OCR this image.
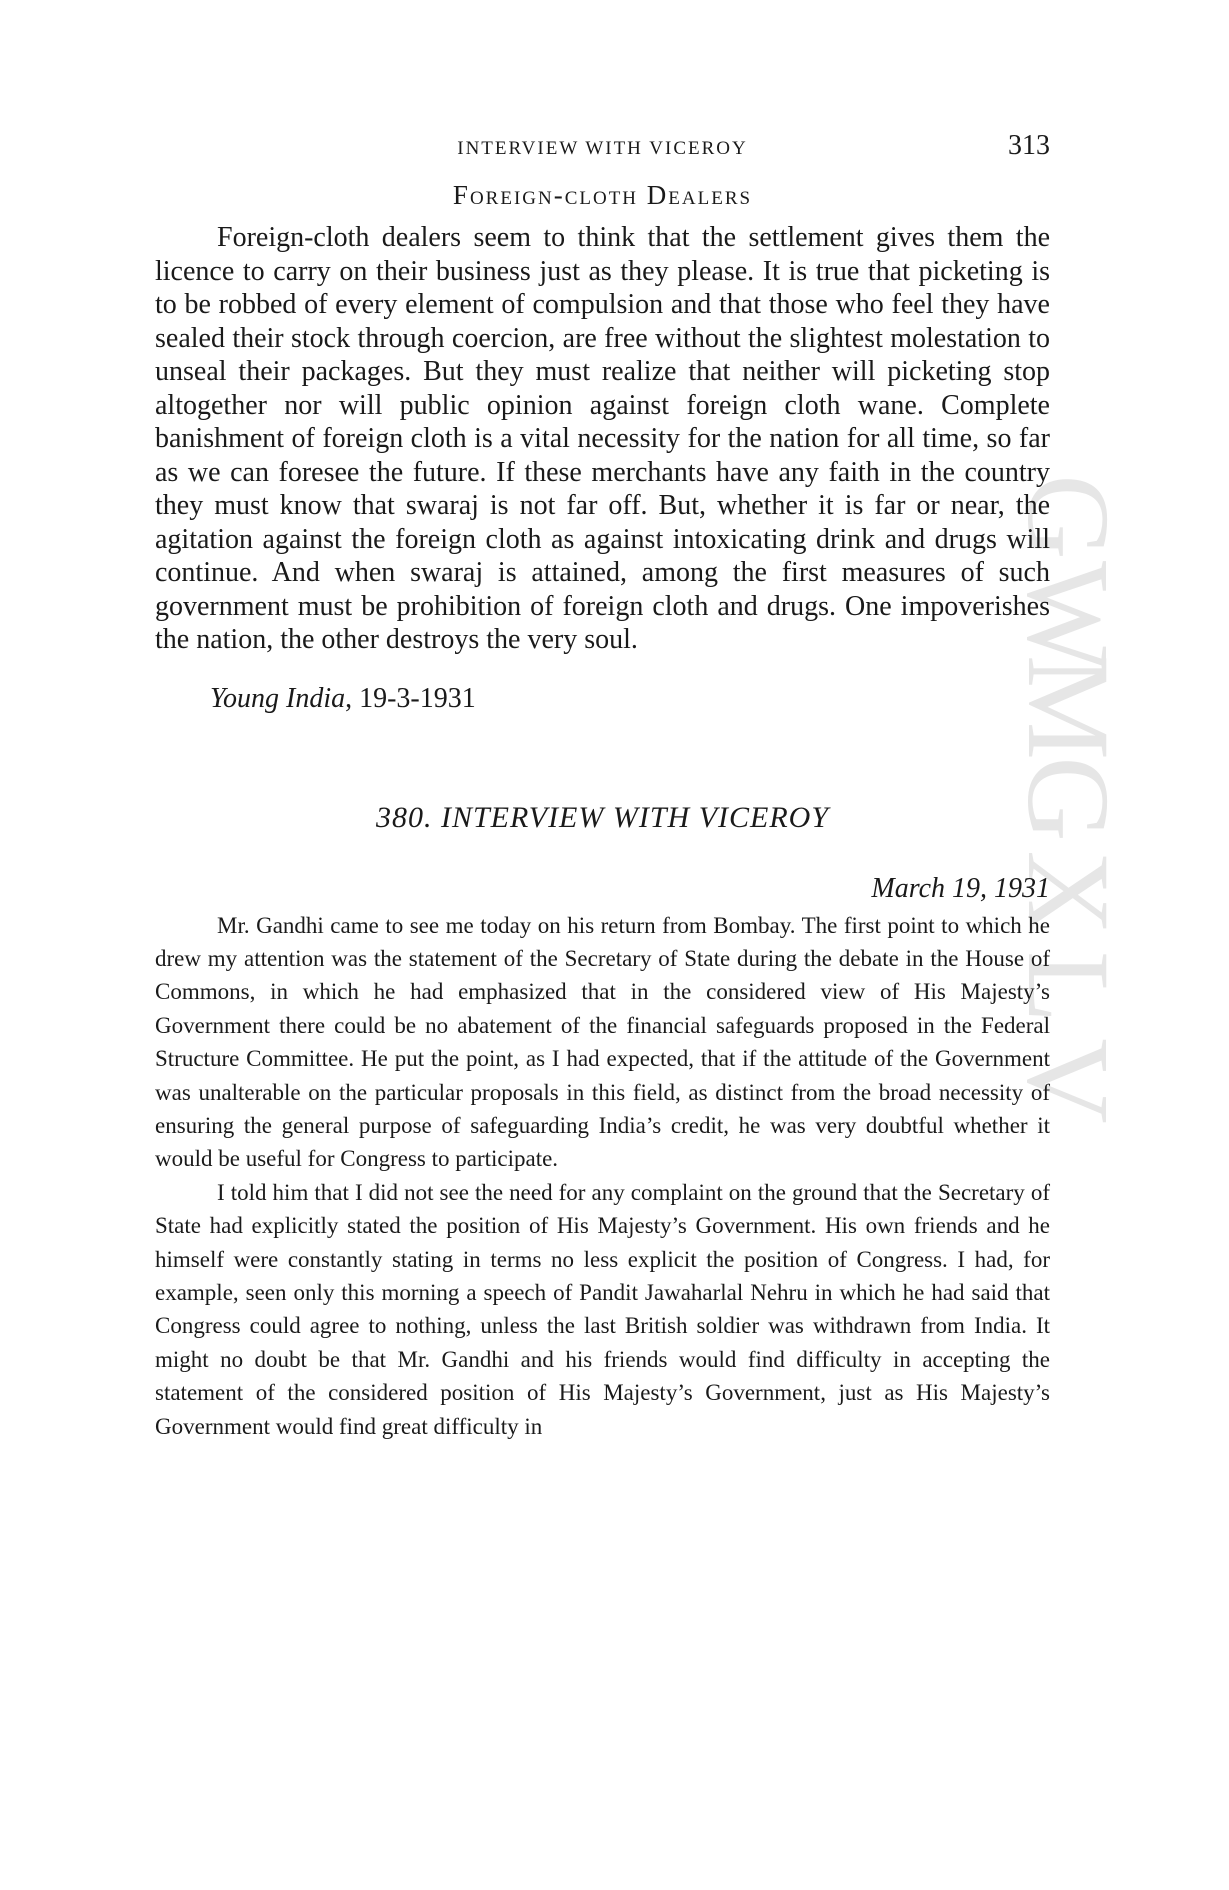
G
W
M
G
X
L
V
INTERVIEW WITH VICEROY	313
Foreign-cloth Dealers

Foreign-cloth dealers seem to think that the settlement gives them the licence to carry on their business just as they please. It is true that picketing is to be robbed of every element of compulsion and that those who feel they have sealed their stock through coercion, are free without the slightest molestation to unseal their packages. But they must realize that neither will picketing stop altogether nor will public opinion against foreign cloth wane. Complete banishment of foreign cloth is a vital necessity for the nation for all time, so far as we can foresee the future. If these merchants have any faith in the country they must know that swaraj is not far off. But, whether it is far or near, the agitation against the foreign cloth as against intoxicating drink and drugs will continue. And when swaraj is attained, among the first measures of such government must be prohibition of foreign cloth and drugs. One impoverishes the nation, the other destroys the very soul.

Young India, 19-3-1931
380. INTERVIEW WITH VICEROY
March 19, 1931

Mr. Gandhi came to see me today on his return from Bombay. The first point to which he drew my attention was the statement of the Secretary of State during the debate in the House of Commons, in which he had emphasized that in the considered view of His Majesty’s Government there could be no abatement of the financial safeguards proposed in the Federal Structure Committee. He put the point, as I had expected, that if the attitude of the Government was unalterable on the particular proposals in this field, as distinct from the broad necessity of ensuring the general purpose of safeguarding India’s credit, he was very doubtful whether it would be useful for Congress to participate.

I told him that I did not see the need for any complaint on the ground that the Secretary of State had explicitly stated the position of His Majesty’s Government. His own friends and he himself were constantly stating in terms no less explicit the position of Congress. I had, for example, seen only this morning a speech of Pandit Jawaharlal Nehru in which he had said that Congress could agree to nothing, unless the last British soldier was withdrawn from India. It might no doubt be that Mr. Gandhi and his friends would find difficulty in accepting the statement of the considered position of His Majesty’s Government, just as His Majesty’s Government would find great difficulty in
